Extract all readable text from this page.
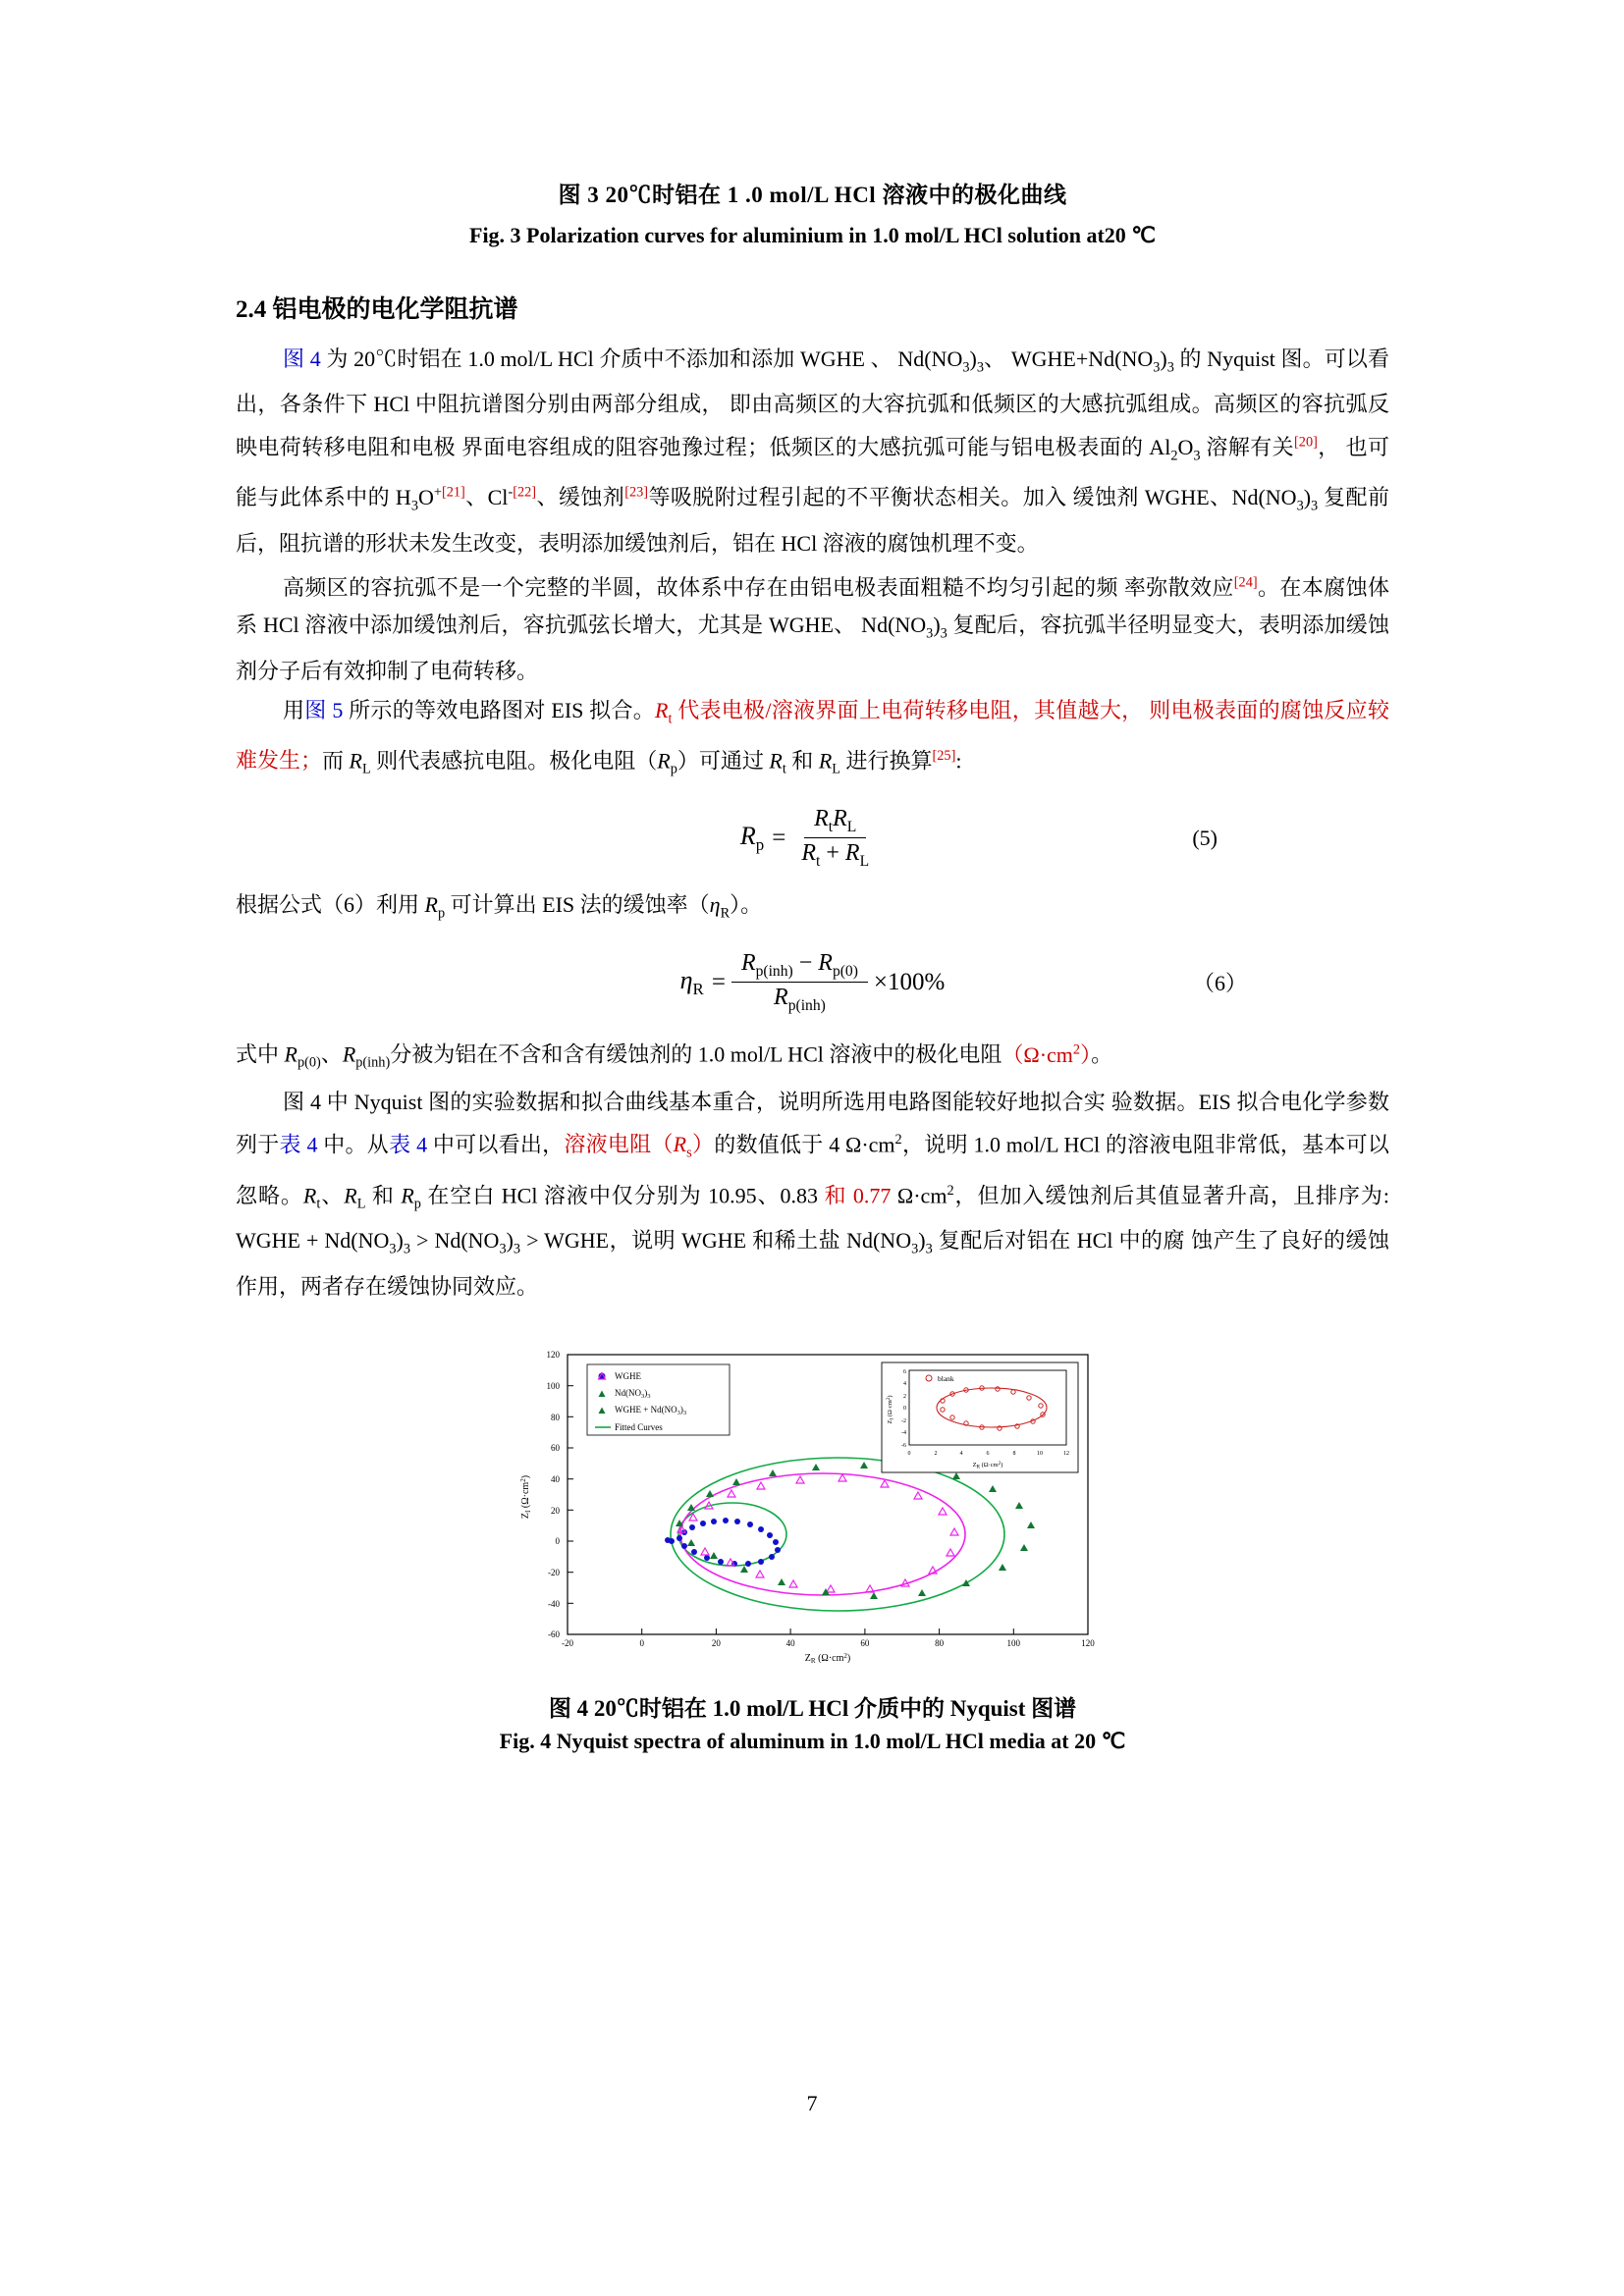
图 3 20℃时铝在 1 .0 mol/L HCl 溶液中的极化曲线
Fig. 3 Polarization curves for aluminium in 1.0 mol/L HCl solution at20 ℃
2.4 铝电极的电化学阻抗谱

图 4 为 20℃时铝在 1.0 mol/L HCl 介质中不添加和添加 WGHE 、 $Nd(NO_3)_3$、 $WGHE+Nd(NO_3)_3$ 的 Nyquist 图。可以看出，各条件下 HCl 中阻抗谱图分别由两部分组成， 即由高频区的大容抗弧和低频区的大感抗弧组成。高频区的容抗弧反映电荷转移电阻和电极 界面电容组成的阻容弛豫过程；低频区的大感抗弧可能与铝电极表面的 $Al_2O_3$ 溶解有关[20]， 也可能与此体系中的 $H_3O^{+[21]}$、$Cl^{-[22]}$、缓蚀剂[23]等吸脱附过程引起的不平衡状态相关。加入 缓蚀剂 WGHE、$Nd(NO_3)_3$ 复配前后，阻抗谱的形状未发生改变，表明添加缓蚀剂后，铝在 HCl 溶液的腐蚀机理不变。

高频区的容抗弧不是一个完整的半圆，故体系中存在由铝电极表面粗糙不均匀引起的频 率弥散效应[24]。在本腐蚀体系 HCl 溶液中添加缓蚀剂后，容抗弧弦长增大，尤其是 WGHE、 $Nd(NO_3)_3$ 复配后，容抗弧半径明显变大，表明添加缓蚀剂分子后有效抑制了电荷转移。

用图 5 所示的等效电路图对 EIS 拟合。$R_t$ 代表电极/溶液界面上电荷转移电阻，其值越大， 则电极表面的腐蚀反应较难发生；而 $R_L$ 则代表感抗电阻。极化电阻$(R_p)$可通过 $R_t$ 和 $R_L$ 进行换算[25]:

$R_p = \frac{R_tR_L}{R_t + R_L}$	(5)

根据公式（6）利用 $R_p$ 可计算出 EIS 法的缓蚀率$(\eta_R)$。

$\eta_R = \frac{R_{p(inh)} - R_{p(0)}}{R_{p(inh)}} \times 100\%$	（6）

式中 $R_{p(0)}$、$R_{p(inh)}$分被为铝在不含和含有缓蚀剂的 1.0 mol/L HCl 溶液中的极化电阻$(\Omega\cdot cm^2)$。

图 4 中 Nyquist 图的实验数据和拟合曲线基本重合，说明所选用电路图能较好地拟合实 验数据。EIS 拟合电化学参数列于表 4 中。从表 4 中可以看出，溶液电阻$(R_s)$的数值低于 4 $\Omega\cdot cm^2$，说明 1.0 mol/L HCl 的溶液电阻非常低，基本可以忽略。$R_t$、$R_L$ 和 $R_p$ 在空白 HCl 溶液中仅分别为 10.95、0.83 和 0.77 $\Omega\cdot cm^2$，但加入缓蚀剂后其值显著升高，且排序为: WGHE + $Nd(NO_3)_3 > Nd(NO_3)_3$ > WGHE，说明 WGHE 和稀土盐 $Nd(NO_3)_3$ 复配后对铝在 HCl 中的腐 蚀产生了良好的缓蚀作用，两者存在缓蚀协同效应。

120
100
80
60
40
20
0
-20
-40
-60
-20	0	20	40	60	80	100	120
$Z_R$ $(\Omega\cdot cm^2)$
$Z_I$ $(\Omega\cdot cm^2)$
WGHE
$Nd(NO_3)_3$
WGHE + $Nd(NO_3)_3$
Fitted Curves
blank
6
4
2
0
-2
-4
-6
0	2	4	6	8	10	12
$Z_R$ $(\Omega\cdot cm^2)$
$Z_I$ $(\Omega\cdot cm^2)$
图 4 20℃时铝在 1.0 mol/L HCl 介质中的 Nyquist 图谱
Fig. 4 Nyquist spectra of aluminum in 1.0 mol/L HCl media at 20 ℃
7
